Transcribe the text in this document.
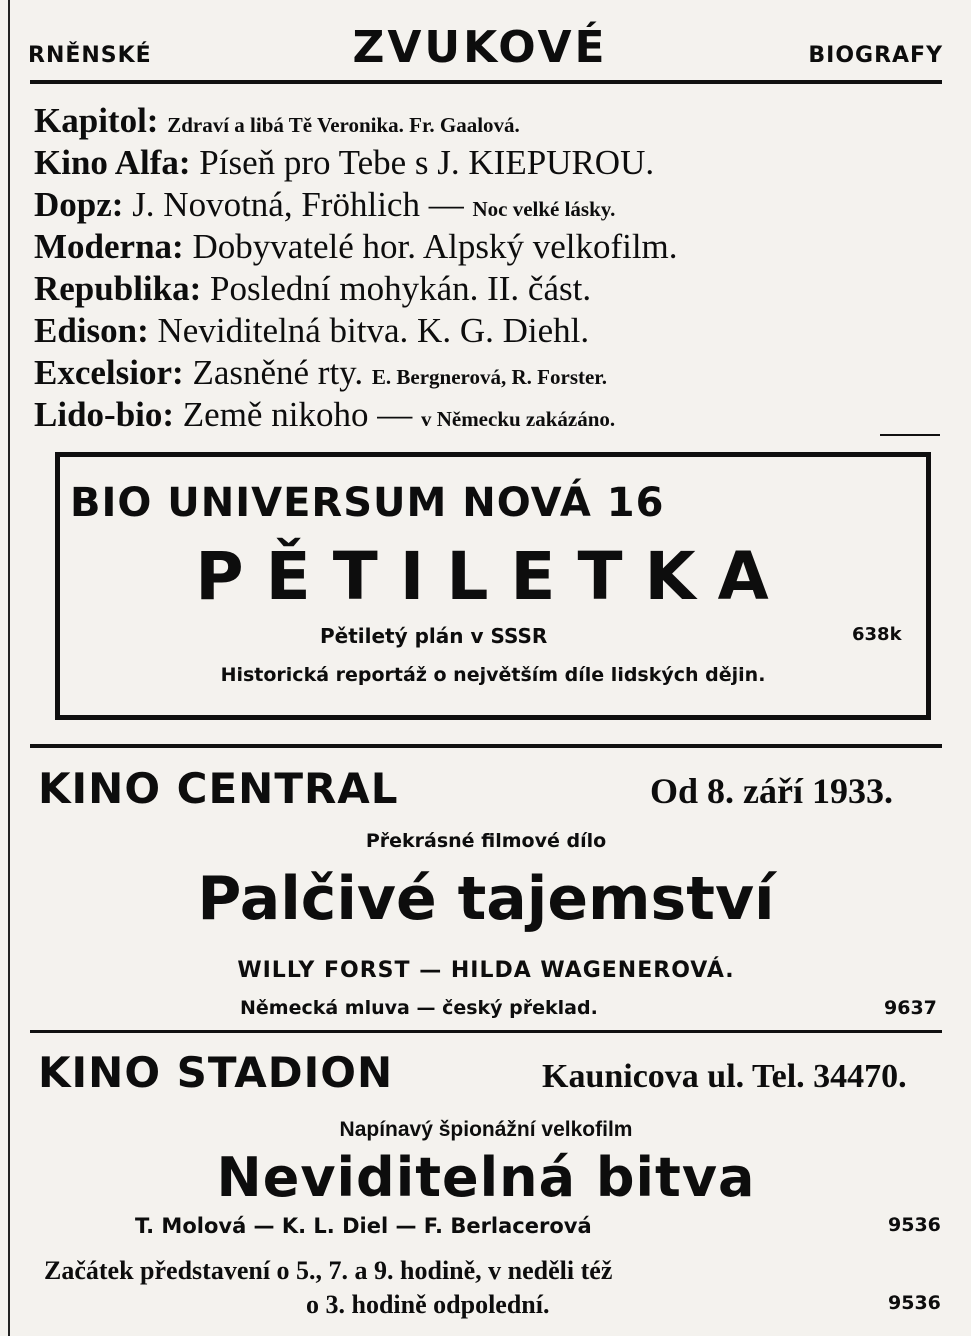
RNĚNSKÉ	ZVUKOVÉ	BIOGRAFY
Kapitol: Zdraví a libá Tě Veronika. Fr. Gaalová.
Kino Alfa: Píseň pro Tebe s J. KIEPUROU.
Dopz: J. Novotná, Fröhlich — Noc velké lásky.
Moderna: Dobyvatelé hor. Alpský velkofilm.
Republika: Poslední mohykán. II. část.
Edison: Neviditelná bitva. K. G. Diehl.
Excelsior: Zasněné rty. E. Bergnerová, R. Forster.
Lido-bio: Země nikoho — v Německu zakázáno.
BIO UNIVERSUM NOVÁ 16
PĚTILETKA
Pětiletý plán v SSSR	638k
Historická reportáž o největším díle lidských dějin.
KINO CENTRAL	Od 8. září 1933.
Překrásné filmové dílo
Palčivé tajemství
WILLY FORST — HILDA WAGENEROVÁ.
Německá mluva — český překlad.	9637
KINO STADION	Kaunicova ul. Tel. 34470.
Napínavý špionážní velkofilm
Neviditelná bitva
T. Molová — K. L. Diel — F. Berlacerová	9536
Začátek představení o 5., 7. a 9. hodině, v neděli též
o 3. hodině odpolední.	9536
